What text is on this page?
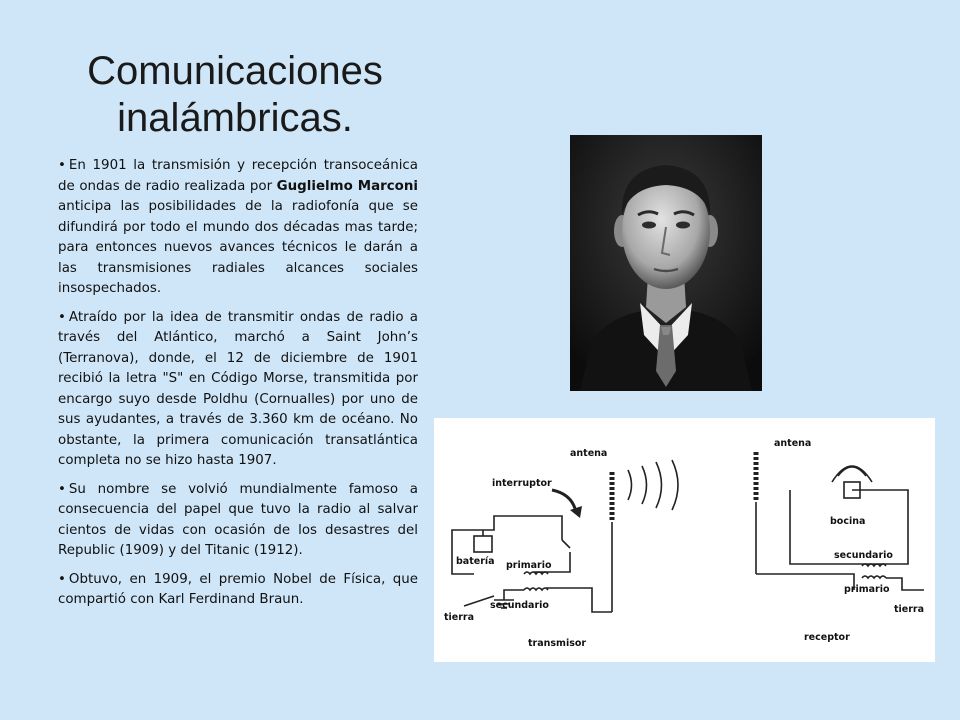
Comunicaciones
inalámbricas.

• En 1901 la transmisión y recepción transoceánica de ondas de radio realizada por Guglielmo Marconi anticipa las posibilidades de la radiofonía que se difundirá por todo el mundo dos décadas mas tarde; para entonces nuevos avances técnicos le darán a las transmisiones radiales alcances sociales insospechados.

• Atraído por la idea de transmitir ondas de radio a través del Atlántico, marchó a Saint John’s (Terranova), donde, el 12 de diciembre de 1901 recibió la letra "S" en Código Morse, transmitida por encargo suyo desde Poldhu (Cornualles) por uno de sus ayudantes, a través de 3.360 km de océano. No obstante, la primera comunicación transatlántica completa no se hizo hasta 1907.

• Su nombre se volvió mundialmente famoso a consecuencia del papel que tuvo la radio al salvar cientos de vidas con ocasión de los desastres del Republic (1909) y del Titanic (1912).

• Obtuvo, en 1909, el premio Nobel de Física, que compartió con Karl Ferdinand Braun.

antena
interruptor
batería primario
secundario
tierra
transmisor
antena
bocina
secundario
primario
tierra
receptor
